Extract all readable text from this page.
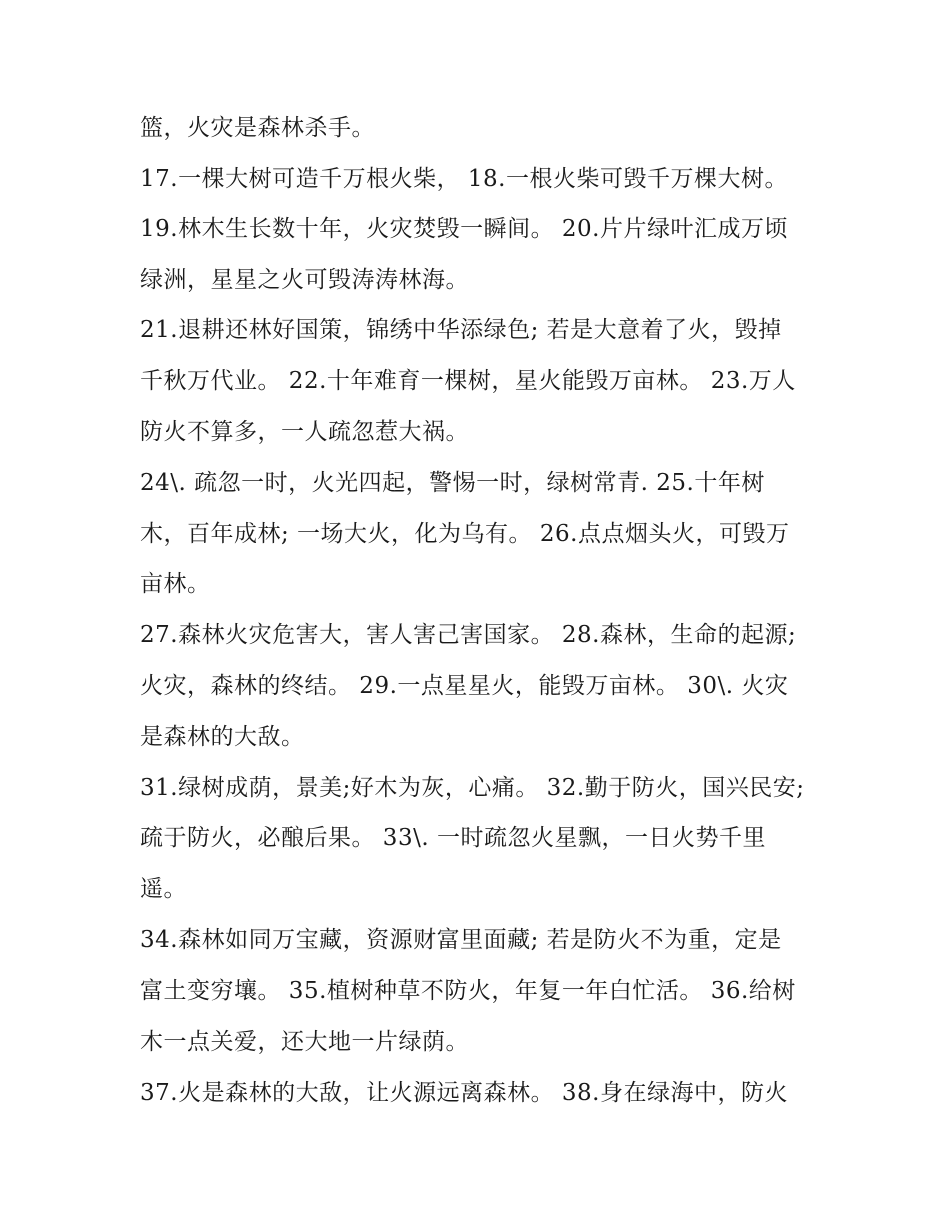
篮，火灾是森林杀手。

17.一棵大树可造千万根火柴， 18.一根火柴可毁千万棵大树。

19.林木生长数十年，火灾焚毁一瞬间。 20.片片绿叶汇成万顷

绿洲，星星之火可毁涛涛林海。

21.退耕还林好国策，锦绣中华添绿色; 若是大意着了火，毁掉

千秋万代业。 22.十年难育一棵树，星火能毁万亩林。 23.万人

防火不算多，一人疏忽惹大祸。

24\. 疏忽一时，火光四起，警惕一时，绿树常青. 25.十年树

木，百年成林; 一场大火，化为乌有。 26.点点烟头火，可毁万

亩林。

27.森林火灾危害大，害人害己害国家。 28.森林，生命的起源;

火灾，森林的终结。 29.一点星星火，能毁万亩林。 30\. 火灾

是森林的大敌。

31.绿树成荫，景美;好木为灰，心痛。 32.勤于防火，国兴民安;

疏于防火，必酿后果。 33\. 一时疏忽火星飘，一日火势千里

遥。

34.森林如同万宝藏，资源财富里面藏; 若是防火不为重，定是

富土变穷壤。 35.植树种草不防火，年复一年白忙活。 36.给树

木一点关爱，还大地一片绿荫。

37.火是森林的大敌，让火源远离森林。 38.身在绿海中，防火
